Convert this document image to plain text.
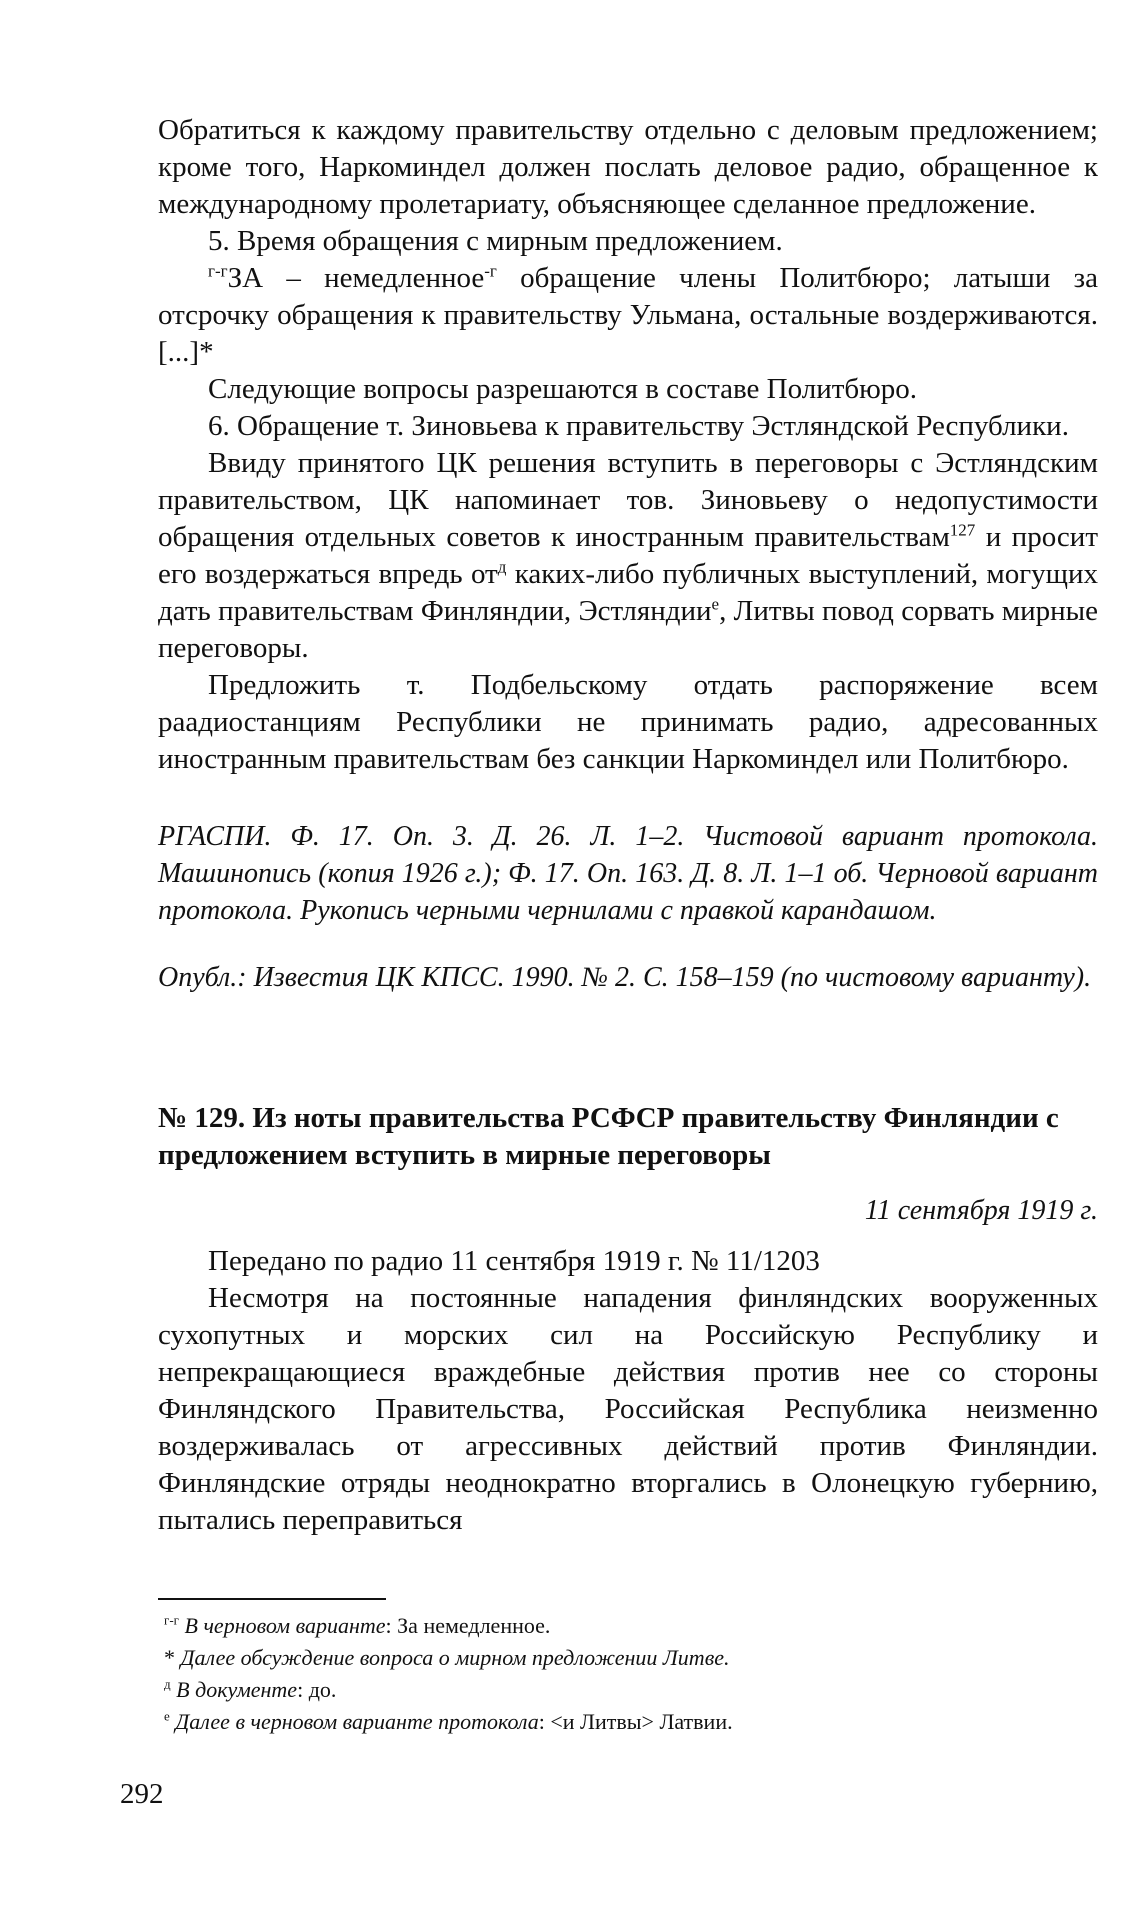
Обратиться к каждому правительству отдельно с деловым предложением; кроме того, Наркоминдел должен послать деловое радио, обращенное к международному пролетариату, объясняющее сделанное предложение.

5. Время обращения с мирным предложением.

$^{г-г}$ЗА – немедленное$^{-г}$ обращение члены Политбюро; латыши за отсрочку обращения к правительству Ульмана, остальные воздерживаются. [...]*

Следующие вопросы разрешаются в составе Политбюро.

6. Обращение т. Зиновьева к правительству Эстляндской Республики.

Ввиду принятого ЦК решения вступить в переговоры с Эстляндским правительством, ЦК напоминает тов. Зиновьеву о недопустимости обращения отдельных советов к иностранным правительствам$^{127}$ и просит его воздержаться впредь $от^д$ каких-либо публичных выступлений, могущих дать правительствам Финляндии, Эстляндии$^е$, Литвы повод сорвать мирные переговоры.

Предложить т. Подбельскому отдать распоряжение всем раадиостанциям Республики не принимать радио, адресованных иностранным правительствам без санкции Наркоминдел или Политбюро.

РГАСПИ. Ф. 17. Оп. 3. Д. 26. Л. 1–2. Чистовой вариант протокола. Машинопись (копия 1926 г.); Ф. 17. Оп. 163. Д. 8. Л. 1–1 об. Черновой вариант протокола. Рукопись черными чернилами с правкой карандашом.

Опубл.: Известия ЦК КПСС. 1990. № 2. С. 158–159 (по чистовому варианту).

№ 129. Из ноты правительства РСФСР правительству Финляндии с предложением вступить в мирные переговоры

11 сентября 1919 г.

Передано по радио 11 сентября 1919 г. № 11/1203

Несмотря на постоянные нападения финляндских вооруженных сухопутных и морских сил на Российскую Республику и непрекращающиеся враждебные действия против нее со стороны Финляндского Правительства, Российская Республика неизменно воздерживалась от агрессивных действий против Финляндии. Финляндские отряды неоднократно вторгались в Олонецкую губернию, пытались переправиться

$^{г-г}$ В черновом варианте: За немедленное.

* Далее обсуждение вопроса о мирном предложении Литве.

$^д$ В документе: до.

$^е$ Далее в черновом варианте протокола: <и Литвы> Латвии.

292
